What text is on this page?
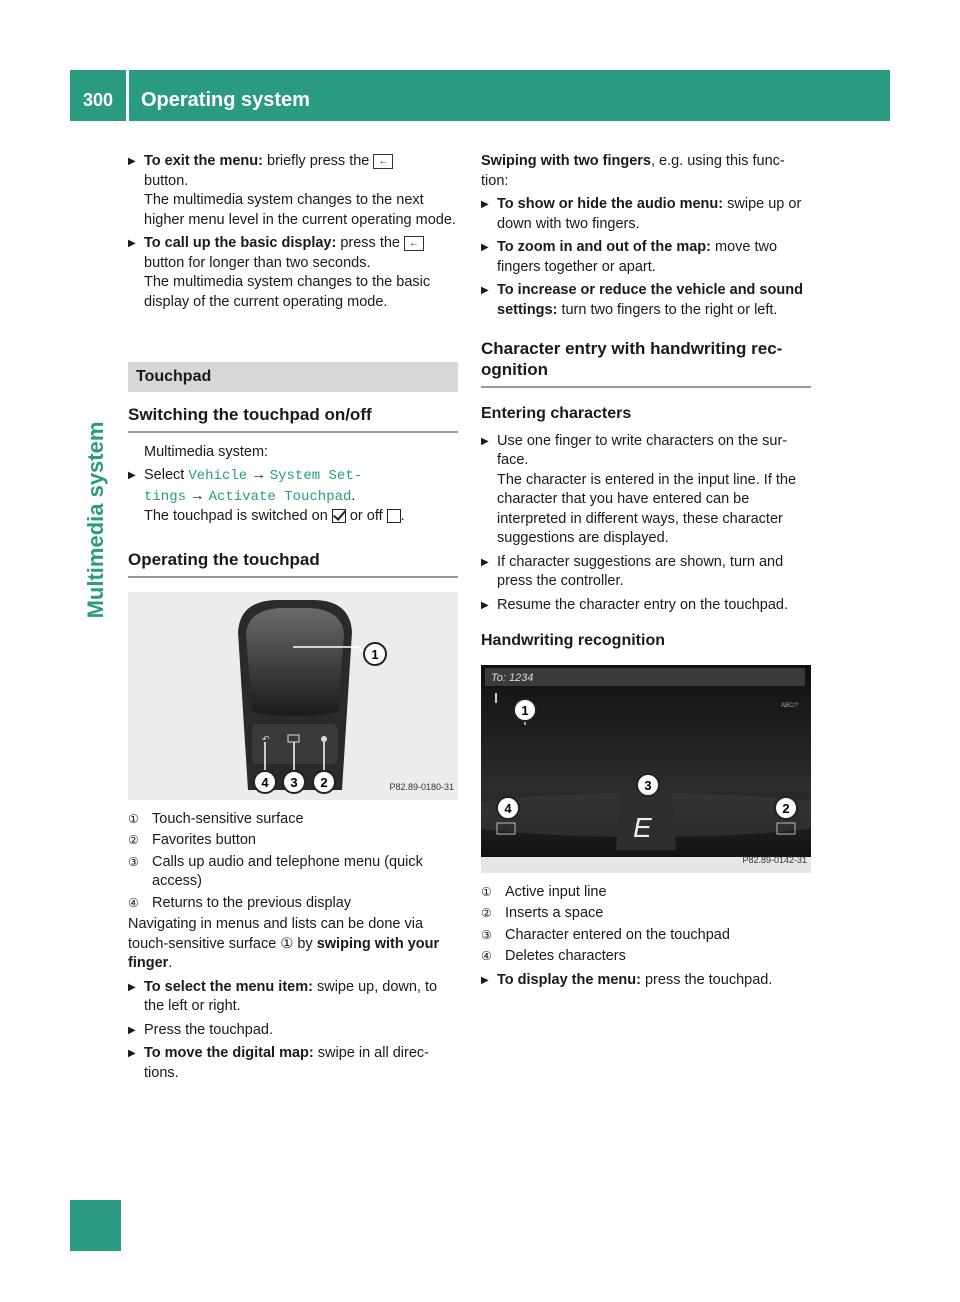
300	Operating system
Multimedia system
▶ To exit the menu: briefly press the ←
button.
The multimedia system changes to the next higher menu level in the current operating mode.
▶ To call up the basic display: press the ← button for longer than two seconds.
The multimedia system changes to the basic display of the current operating mode.
Touchpad
Switching the touchpad on/off
Multimedia system:
▶ Select Vehicle → System Set-
tings → Activate Touchpad.
The touchpad is switched on or off .
Operating the touchpad
1
↶
4 3 2	P82.89-0180-31
① Touch-sensitive surface
② Favorites button
③ Calls up audio and telephone menu (quick access)
④ Returns to the previous display
Navigating in menus and lists can be done via touch-sensitive surface ① by swiping with your finger.
▶ To select the menu item: swipe up, down, to the left or right.
▶ Press the touchpad.
▶ To move the digital map: swipe in all direc-tions.
Swiping with two fingers, e.g. using this func-tion:
▶ To show or hide the audio menu: swipe up or down with two fingers.
▶ To zoom in and out of the map: move two fingers together or apart.
▶ To increase or reduce the vehicle and sound settings: turn two fingers to the right or left.
Character entry with handwriting rec-ognition
Entering characters
▶ Use one finger to write characters on the sur-face.
The character is entered in the input line. If the character that you have entered can be interpreted in different ways, these character suggestions are displayed.
▶ If character suggestions are shown, turn and press the controller.
▶ Resume the character entry on the touchpad.
Handwriting recognition
To: 1234
ABC/?
E
1
3
4	2
P82.89-0142-31
① Active input line
② Inserts a space
③ Character entered on the touchpad
④ Deletes characters
▶ To display the menu: press the touchpad.
